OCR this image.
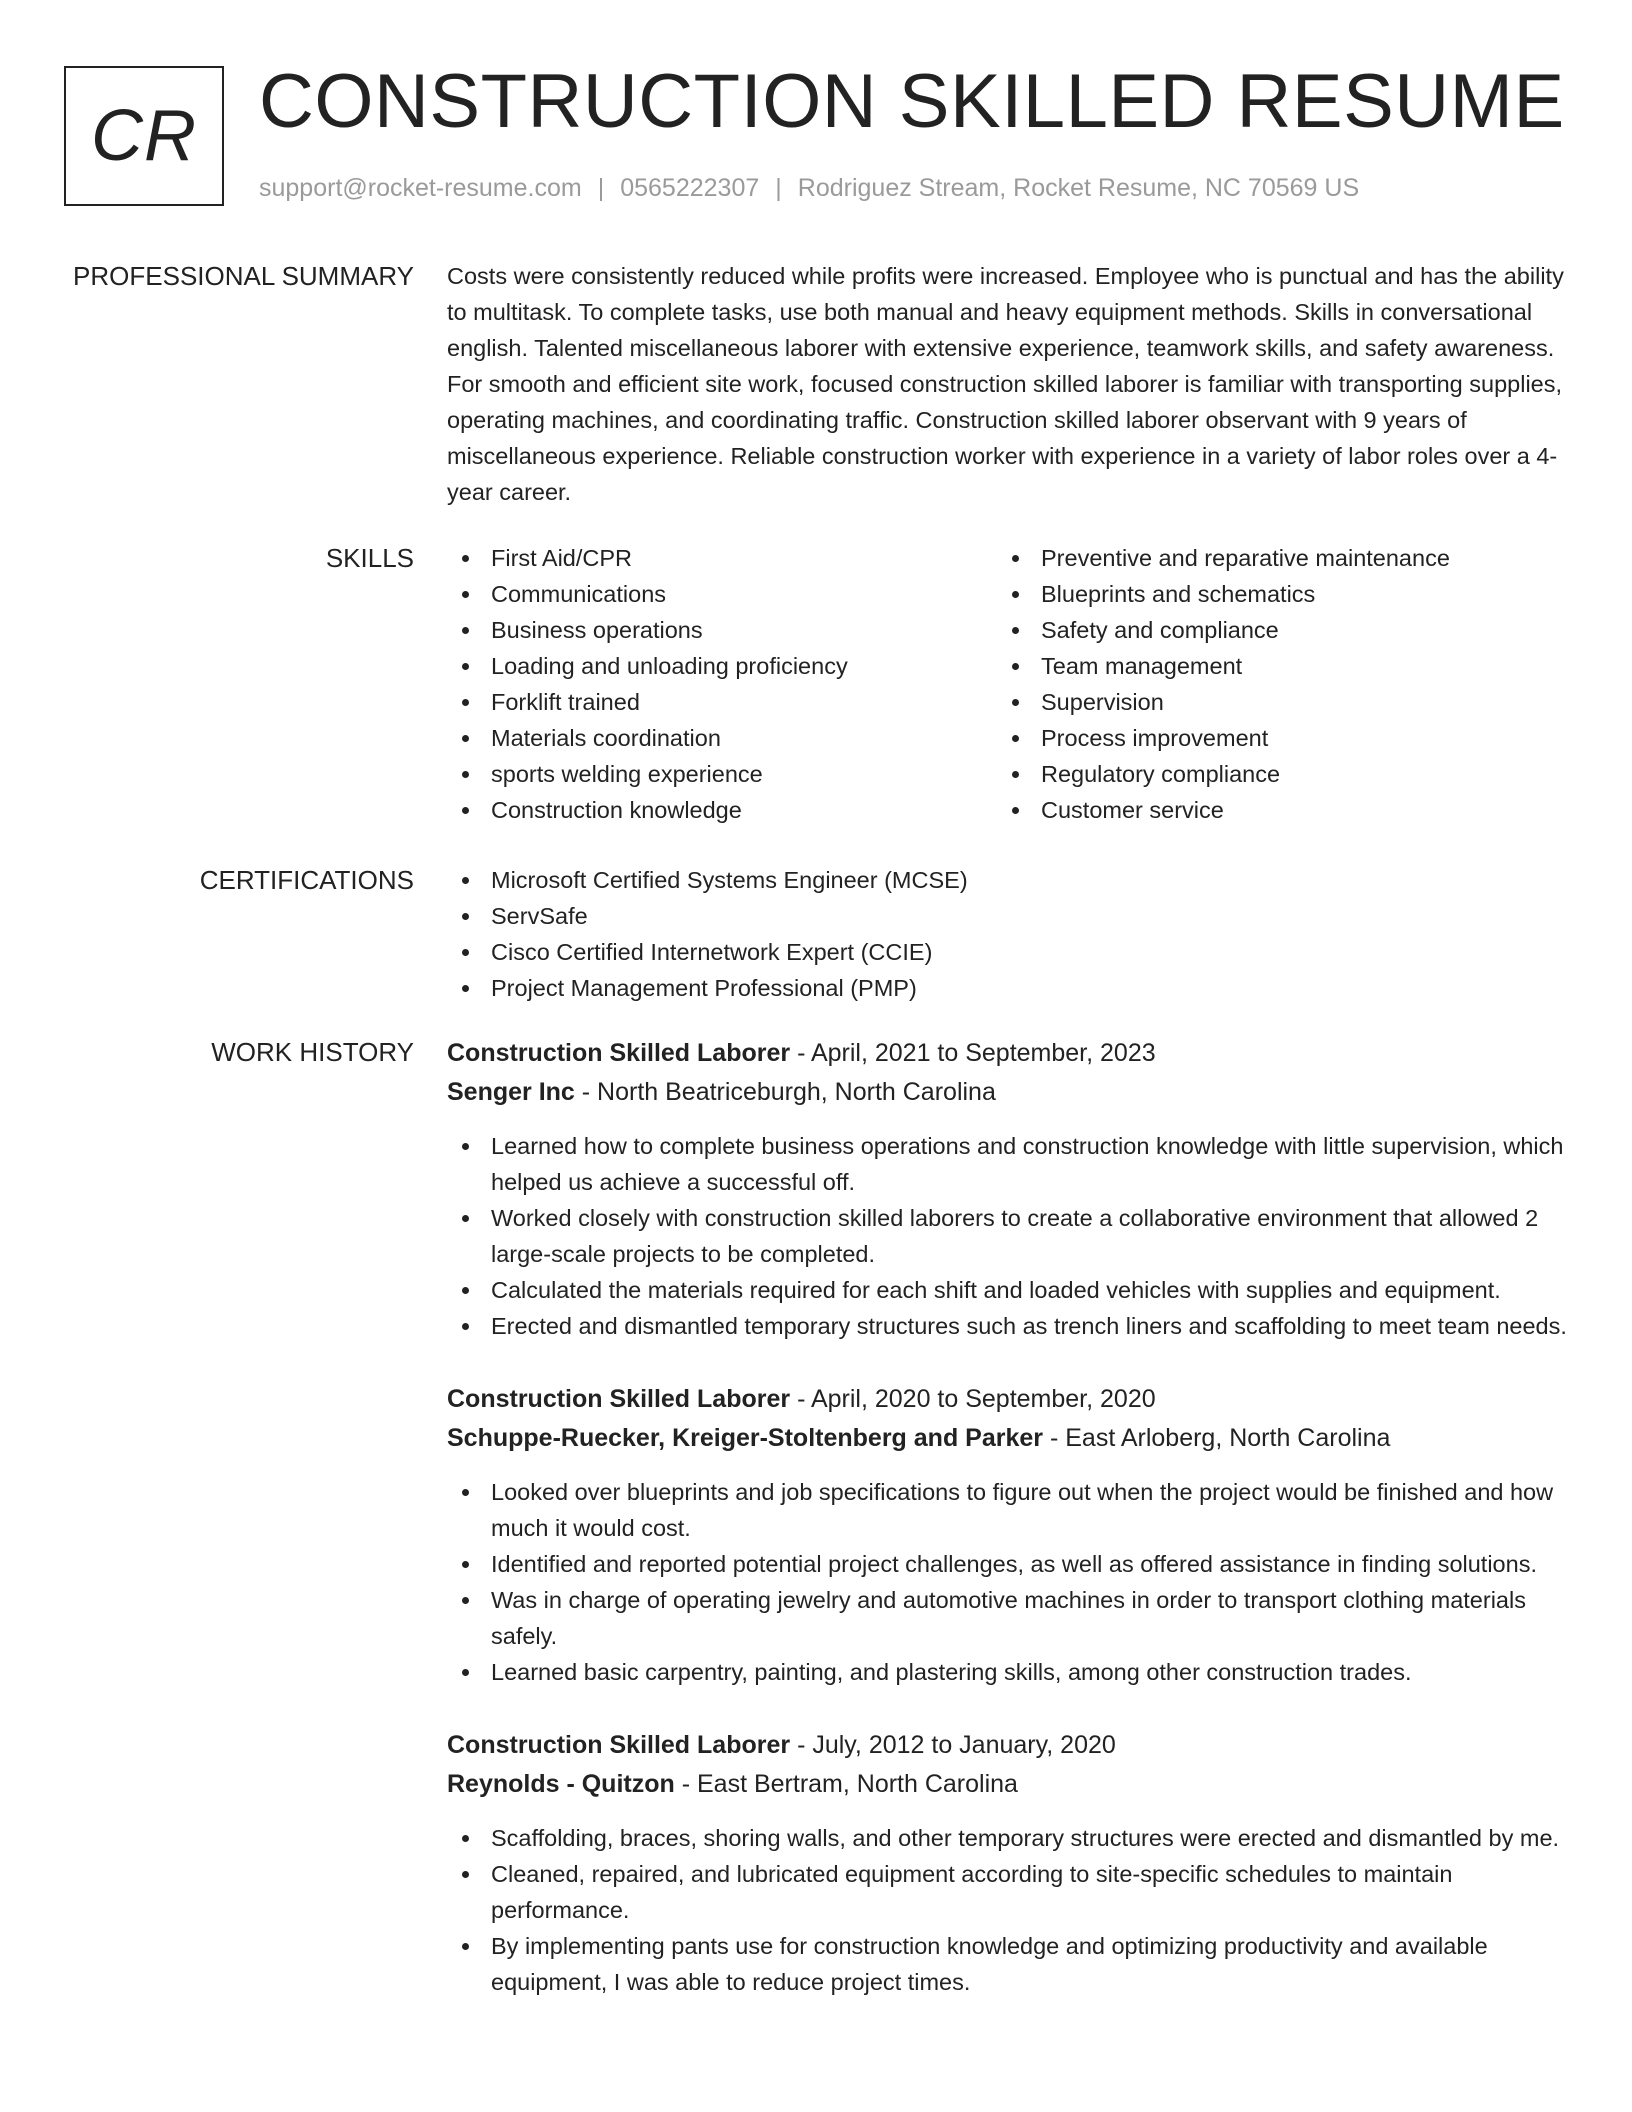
CR CONSTRUCTION SKILLED RESUME
support@rocket-resume.com | 0565222307 | Rodriguez Stream, Rocket Resume, NC 70569 US
PROFESSIONAL SUMMARY Costs were consistently reduced while profits were increased. Employee who is punctual and has the ability to multitask. To complete tasks, use both manual and heavy equipment methods. Skills in conversational english. Talented miscellaneous laborer with extensive experience, teamwork skills, and safety awareness. For smooth and efficient site work, focused construction skilled laborer is familiar with transporting supplies, operating machines, and coordinating traffic. Construction skilled laborer observant with 9 years of miscellaneous experience. Reliable construction worker with experience in a variety of labor roles over a 4-year career.

SKILLS	First Aid/CPR
Communications
Business operations
Loading and unloading proficiency
Forklift trained
Materials coordination
sports welding experience
Construction knowledge
Preventive and reparative maintenance
Blueprints and schematics
Safety and compliance
Team management
Supervision
Process improvement
Regulatory compliance
Customer service
CERTIFICATIONS	Microsoft Certified Systems Engineer (MCSE)
ServSafe
Cisco Certified Internetwork Expert (CCIE)
Project Management Professional (PMP)
WORK HISTORY Construction Skilled Laborer - April, 2021 to September, 2023
Senger Inc - North Beatriceburgh, North Carolina
Learned how to complete business operations and construction knowledge with little supervision, which helped us achieve a successful off.
Worked closely with construction skilled laborers to create a collaborative environment that allowed 2 large-scale projects to be completed.
Calculated the materials required for each shift and loaded vehicles with supplies and equipment.
Erected and dismantled temporary structures such as trench liners and scaffolding to meet team needs.
Construction Skilled Laborer - April, 2020 to September, 2020
Schuppe-Ruecker, Kreiger-Stoltenberg and Parker - East Arloberg, North Carolina
Looked over blueprints and job specifications to figure out when the project would be finished and how much it would cost.
Identified and reported potential project challenges, as well as offered assistance in finding solutions.
Was in charge of operating jewelry and automotive machines in order to transport clothing materials safely.
Learned basic carpentry, painting, and plastering skills, among other construction trades.
Construction Skilled Laborer - July, 2012 to January, 2020
Reynolds - Quitzon - East Bertram, North Carolina
Scaffolding, braces, shoring walls, and other temporary structures were erected and dismantled by me.
Cleaned, repaired, and lubricated equipment according to site-specific schedules to maintain performance.
By implementing pants use for construction knowledge and optimizing productivity and available equipment, I was able to reduce project times.
